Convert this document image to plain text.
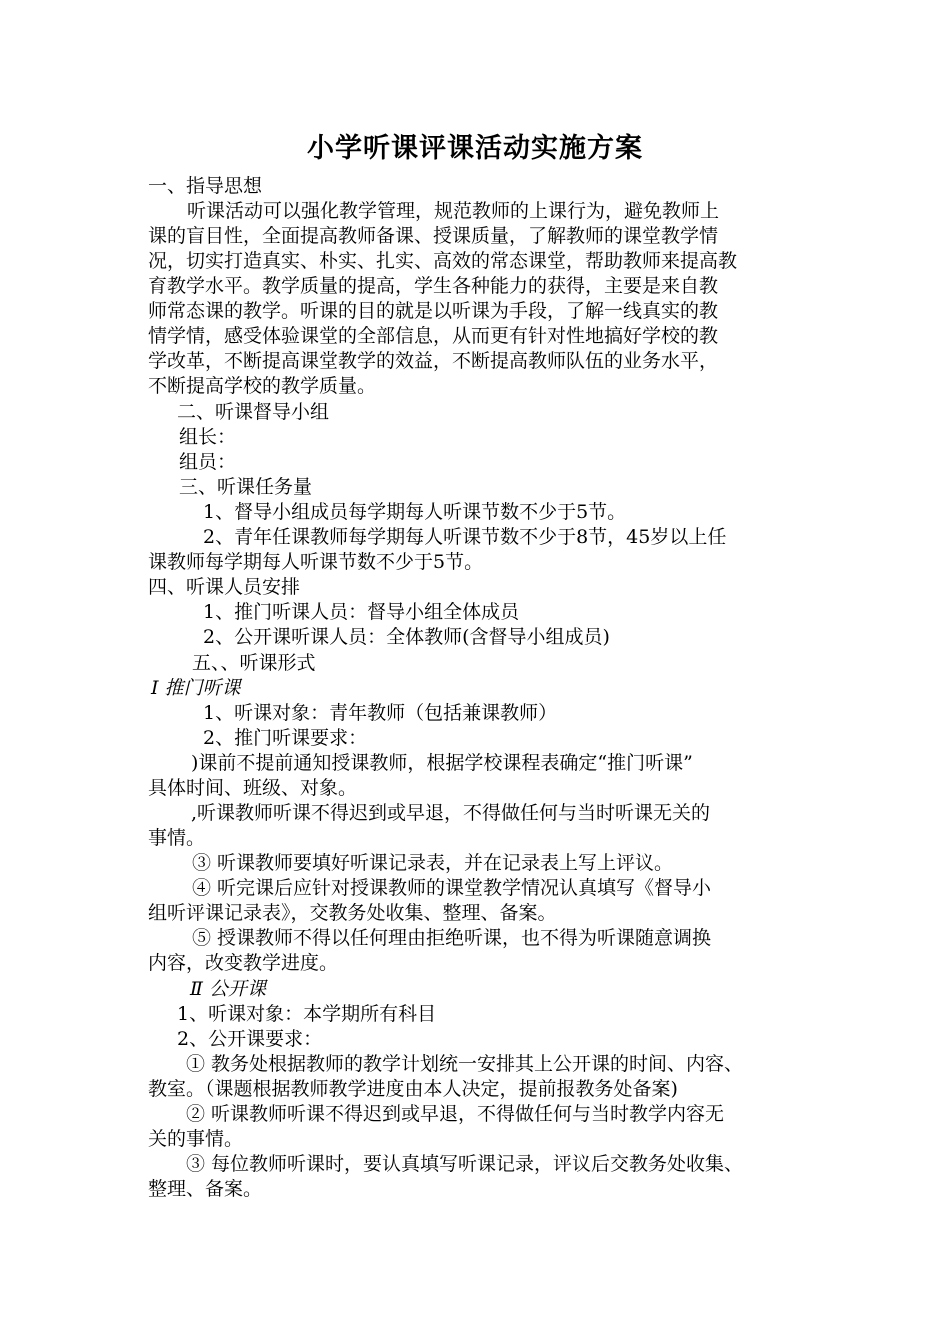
小学听课评课活动实施方案
一、指导思想
听课活动可以强化教学管理，规范教师的上课行为，避免教师上
课的盲目性，全面提高教师备课、授课质量，了解教师的课堂教学情
况，切实打造真实、朴实、扎实、高效的常态课堂，帮助教师来提高教
育教学水平。教学质量的提高，学生各种能力的获得，主要是来自教
师常态课的教学。听课的目的就是以听课为手段，了解一线真实的教
情学情，感受体验课堂的全部信息，从而更有针对性地搞好学校的教
学改革，不断提高课堂教学的效益，不断提高教师队伍的业务水平，
不断提高学校的教学质量。
二、听课督导小组
组长：
组员：
三、听课任务量
1、督导小组成员每学期每人听课节数不少于5节。
2、青年任课教师每学期每人听课节数不少于8节，45岁以上任
课教师每学期每人听课节数不少于5节。
四、听课人员安排
1、推门听课人员：督导小组全体成员
2、公开课听课人员：全体教师(含督导小组成员)
五、、听课形式
Ⅰ 推门听课
1、听课对象：青年教师（包括兼课教师）
2、推门听课要求：
)课前不提前通知授课教师，根据学校课程表确定“推门听课”
具体时间、班级、对象。
,听课教师听课不得迟到或早退，不得做任何与当时听课无关的
事情。
③ 听课教师要填好听课记录表，并在记录表上写上评议。
④ 听完课后应针对授课教师的课堂教学情况认真填写《督导小
组听评课记录表》，交教务处收集、整理、备案。
⑤ 授课教师不得以任何理由拒绝听课，也不得为听课随意调换
内容，改变教学进度。
Ⅱ 公开课
1、听课对象：本学期所有科目
2、公开课要求：
① 教务处根据教师的教学计划统一安排其上公开课的时间、内容、
教室。（课题根据教师教学进度由本人决定，提前报教务处备案)
② 听课教师听课不得迟到或早退，不得做任何与当时教学内容无
关的事情。
③ 每位教师听课时，要认真填写听课记录，评议后交教务处收集、
整理、备案。
